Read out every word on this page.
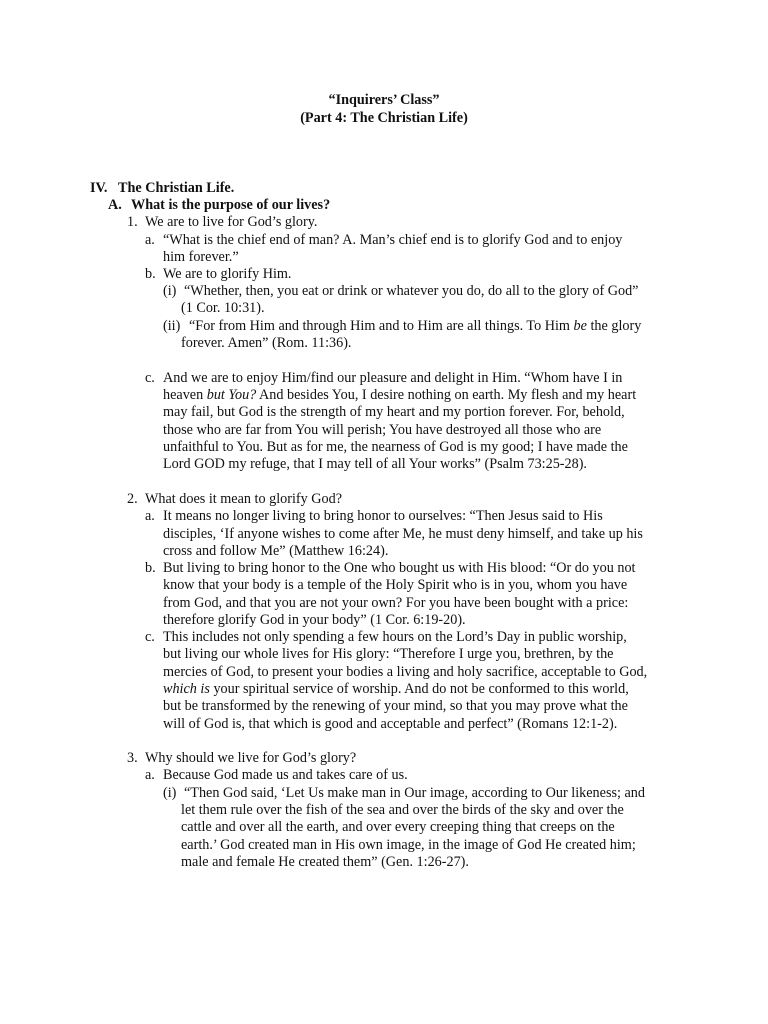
“Inquirers’ Class”
(Part 4: The Christian Life)
IV. The Christian Life.
A. What is the purpose of our lives?
1. We are to live for God’s glory.
a. “What is the chief end of man? A. Man’s chief end is to glorify God and to enjoy
him forever.”
b. We are to glorify Him.
(i) “Whether, then, you eat or drink or whatever you do, do all to the glory of God”
(1 Cor. 10:31).
(ii) “For from Him and through Him and to Him are all things. To Him be the glory
forever. Amen” (Rom. 11:36).
c. And we are to enjoy Him/find our pleasure and delight in Him. “Whom have I in
heaven but You? And besides You, I desire nothing on earth. My flesh and my heart
may fail, but God is the strength of my heart and my portion forever. For, behold,
those who are far from You will perish; You have destroyed all those who are
unfaithful to You. But as for me, the nearness of God is my good; I have made the
Lord GOD my refuge, that I may tell of all Your works” (Psalm 73:25-28).
2. What does it mean to glorify God?
a. It means no longer living to bring honor to ourselves: “Then Jesus said to His
disciples, ‘If anyone wishes to come after Me, he must deny himself, and take up his
cross and follow Me” (Matthew 16:24).
b. But living to bring honor to the One who bought us with His blood: “Or do you not
know that your body is a temple of the Holy Spirit who is in you, whom you have
from God, and that you are not your own? For you have been bought with a price:
therefore glorify God in your body” (1 Cor. 6:19-20).
c. This includes not only spending a few hours on the Lord’s Day in public worship,
but living our whole lives for His glory: “Therefore I urge you, brethren, by the
mercies of God, to present your bodies a living and holy sacrifice, acceptable to God,
which is your spiritual service of worship. And do not be conformed to this world,
but be transformed by the renewing of your mind, so that you may prove what the
will of God is, that which is good and acceptable and perfect” (Romans 12:1-2).
3. Why should we live for God’s glory?
a. Because God made us and takes care of us.
(i) “Then God said, ‘Let Us make man in Our image, according to Our likeness; and
let them rule over the fish of the sea and over the birds of the sky and over the
cattle and over all the earth, and over every creeping thing that creeps on the
earth.’ God created man in His own image, in the image of God He created him;
male and female He created them” (Gen. 1:26-27).
